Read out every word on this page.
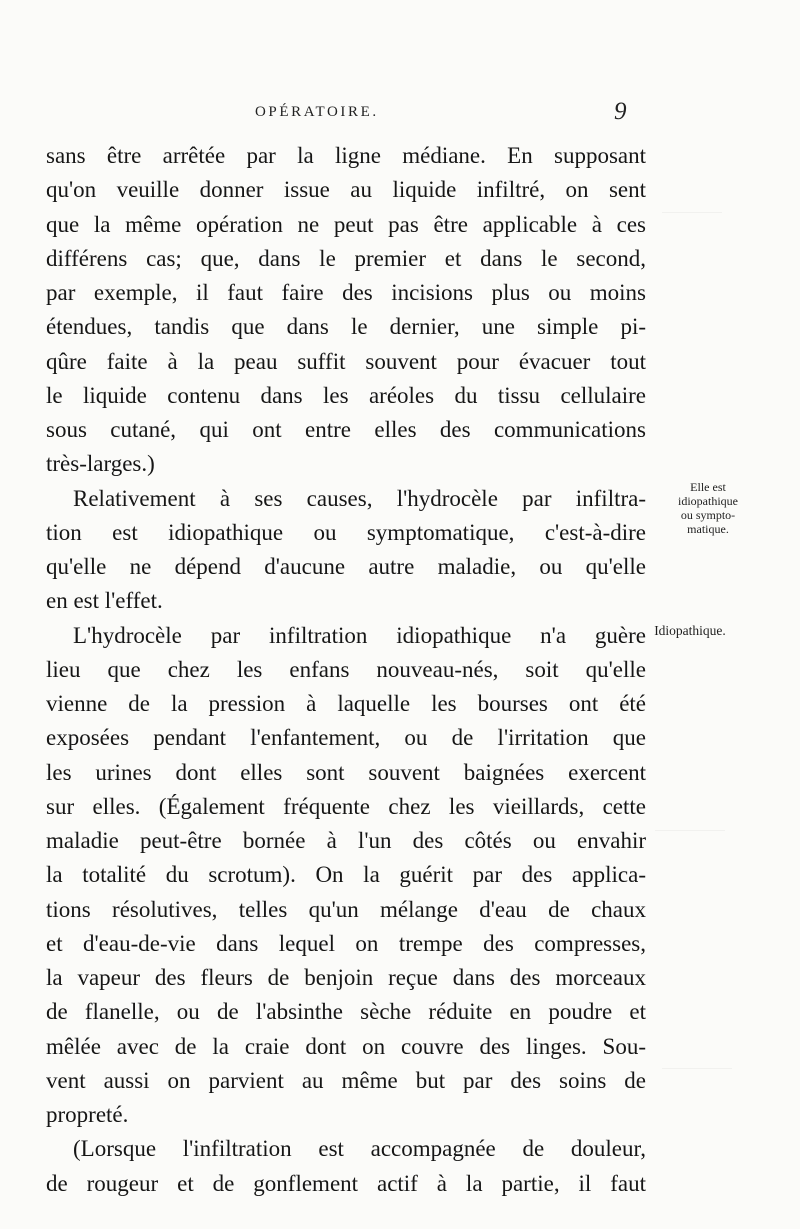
OPÉRATOIRE.	9
sans être arrêtée par la ligne médiane. En supposant
qu'on veuille donner issue au liquide infiltré, on sent
que la même opération ne peut pas être applicable à ces
différens cas; que, dans le premier et dans le second,
par exemple, il faut faire des incisions plus ou moins
étendues, tandis que dans le dernier, une simple pi-
qûre faite à la peau suffit souvent pour évacuer tout
le liquide contenu dans les aréoles du tissu cellulaire
sous cutané, qui ont entre elles des communications
très-larges.)
Relativement à ses causes, l'hydrocèle par infiltra-
tion est idiopathique ou symptomatique, c'est-à-dire
qu'elle ne dépend d'aucune autre maladie, ou qu'elle
en est l'effet.
L'hydrocèle par infiltration idiopathique n'a guère
lieu que chez les enfans nouveau-nés, soit qu'elle
vienne de la pression à laquelle les bourses ont été
exposées pendant l'enfantement, ou de l'irritation que
les urines dont elles sont souvent baignées exercent
sur elles. (Également fréquente chez les vieillards, cette
maladie peut-être bornée à l'un des côtés ou envahir
la totalité du scrotum). On la guérit par des applica-
tions résolutives, telles qu'un mélange d'eau de chaux
et d'eau-de-vie dans lequel on trempe des compresses,
la vapeur des fleurs de benjoin reçue dans des morceaux
de flanelle, ou de l'absinthe sèche réduite en poudre et
mêlée avec de la craie dont on couvre des linges. Sou-
vent aussi on parvient au même but par des soins de
propreté.
(Lorsque l'infiltration est accompagnée de douleur,
de rougeur et de gonflement actif à la partie, il faut
Elle est
idiopathique
ou sympto-
matique.
Idiopathique.
